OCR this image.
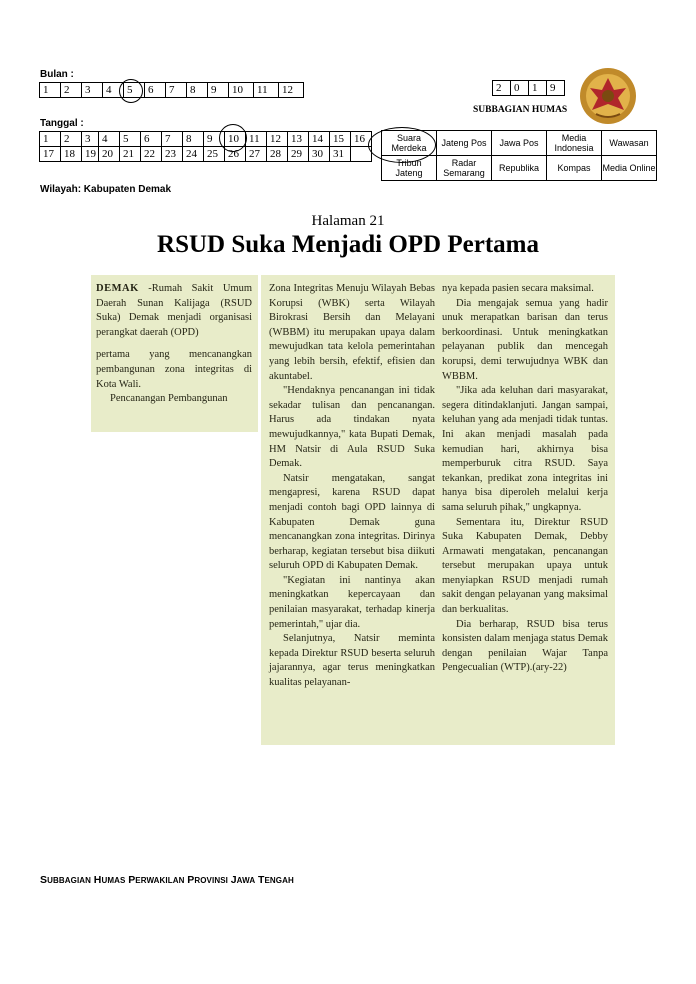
Bulan :
1	2	3	4	5	6	7	8	9	10	11	12
Tanggal :
1	2	3	4	5	6	7	8	9	10	11	12	13	14	15	16
17	18	19	20	21	22	23	24	25	26	27	28	29	30	31	
2	0	1	9
SUBBAGIAN HUMAS
Suara Merdeka	Jateng Pos	Jawa Pos	Media Indonesia	Wawasan
Tribun Jateng	Radar Semarang	Republika	Kompas	Media Online
Wilayah: Kabupaten Demak
Halaman 21
RSUD Suka Menjadi OPD Pertama

DEMAK -Rumah Sakit Umum Daerah Sunan Kalijaga (RSUD Suka) Demak menjadi organisasi perangkat daerah (OPD)

pertama yang mencanangkan pembangunan zona integritas di Kota Wali.

Pencanangan Pembangunan

Zona Integritas Menuju Wilayah Bebas Korupsi (WBK) serta Wilayah Birokrasi Bersih dan Melayani (WBBM) itu merupakan upaya dalam mewujudkan tata kelola pemerintahan yang lebih bersih, efektif, efisien dan akuntabel.

"Hendaknya pencanangan ini tidak sekadar tulisan dan pencanangan. Harus ada tindakan nyata mewujudkannya," kata Bupati Demak, HM Natsir di Aula RSUD Suka Demak.

Natsir mengatakan, sangat mengapresi, karena RSUD dapat menjadi contoh bagi OPD lainnya di Kabupaten Demak guna mencanangkan zona integritas. Dirinya berharap, kegiatan tersebut bisa diikuti seluruh OPD di Kabupaten Demak.

"Kegiatan ini nantinya akan meningkatkan kepercayaan dan penilaian masyarakat, terhadap kinerja pemerintah," ujar dia.

Selanjutnya, Natsir meminta kepada Direktur RSUD beserta seluruh jajarannya, agar terus meningkatkan kualitas pelayanan-

nya kepada pasien secara maksimal.

Dia mengajak semua yang hadir unuk merapatkan barisan dan terus berkoordinasi. Untuk meningkatkan pelayanan publik dan mencegah korupsi, demi terwujudnya WBK dan WBBM.

"Jika ada keluhan dari masyarakat, segera ditindaklanjuti. Jangan sampai, keluhan yang ada menjadi tidak tuntas. Ini akan menjadi masalah pada kemudian hari, akhirnya bisa memperburuk citra RSUD. Saya tekankan, predikat zona integritas ini hanya bisa diperoleh melalui kerja sama seluruh pihak," ungkapnya.

Sementara itu, Direktur RSUD Suka Kabupaten Demak, Debby Armawati mengatakan, pencanangan tersebut merupakan upaya untuk menyiapkan RSUD menjadi rumah sakit dengan pelayanan yang maksimal dan berkualitas.

Dia berharap, RSUD bisa terus konsisten dalam menjaga status Demak dengan penilaian Wajar Tanpa Pengecualian (WTP).(ary-22)

SUBBAGIAN HUMAS PERWAKILAN PROVINSI JAWA TENGAH
